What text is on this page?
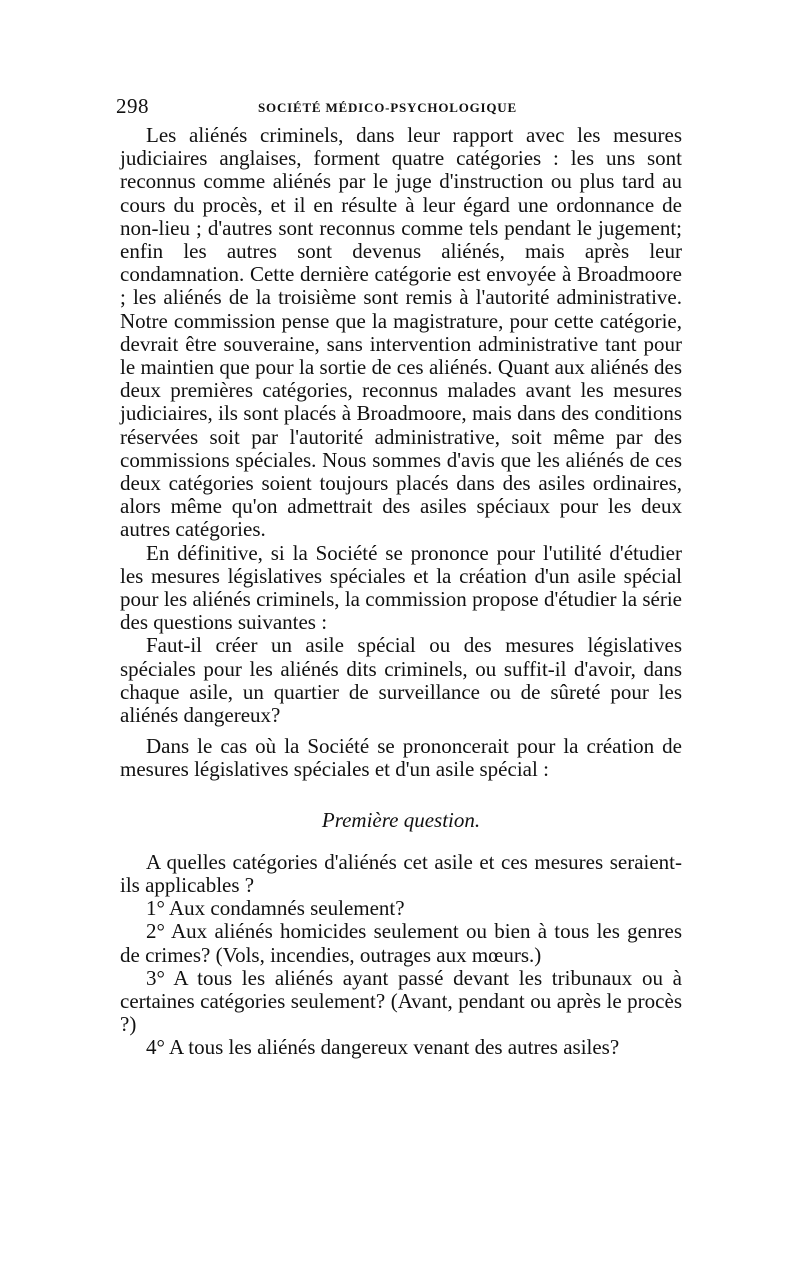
298	SOCIÉTÉ MÉDICO-PSYCHOLOGIQUE

Les aliénés criminels, dans leur rapport avec les mesures judiciaires anglaises, forment quatre catégories : les uns sont reconnus comme aliénés par le juge d'instruction ou plus tard au cours du procès, et il en résulte à leur égard une ordonnance de non-lieu ; d'autres sont reconnus comme tels pendant le jugement; enfin les autres sont devenus aliénés, mais après leur condamnation. Cette dernière catégorie est envoyée à Broadmoore ; les aliénés de la troisième sont remis à l'autorité administrative. Notre commission pense que la magistrature, pour cette catégorie, devrait être souveraine, sans intervention administrative tant pour le maintien que pour la sortie de ces aliénés. Quant aux aliénés des deux premières catégories, reconnus malades avant les mesures judiciaires, ils sont placés à Broadmoore, mais dans des conditions réservées soit par l'autorité administrative, soit même par des commissions spéciales. Nous sommes d'avis que les aliénés de ces deux catégories soient toujours placés dans des asiles ordinaires, alors même qu'on admettrait des asiles spéciaux pour les deux autres catégories.

En définitive, si la Société se prononce pour l'utilité d'étudier les mesures législatives spéciales et la création d'un asile spécial pour les aliénés criminels, la commission propose d'étudier la série des questions suivantes :

Faut-il créer un asile spécial ou des mesures législatives spéciales pour les aliénés dits criminels, ou suffit-il d'avoir, dans chaque asile, un quartier de surveillance ou de sûreté pour les aliénés dangereux?

Dans le cas où la Société se prononcerait pour la création de mesures législatives spéciales et d'un asile spécial :

Première question.

A quelles catégories d'aliénés cet asile et ces mesures seraient-ils applicables ?

1° Aux condamnés seulement?

2° Aux aliénés homicides seulement ou bien à tous les genres de crimes? (Vols, incendies, outrages aux mœurs.)

3° A tous les aliénés ayant passé devant les tribunaux ou à certaines catégories seulement? (Avant, pendant ou après le procès ?)

4° A tous les aliénés dangereux venant des autres asiles?
